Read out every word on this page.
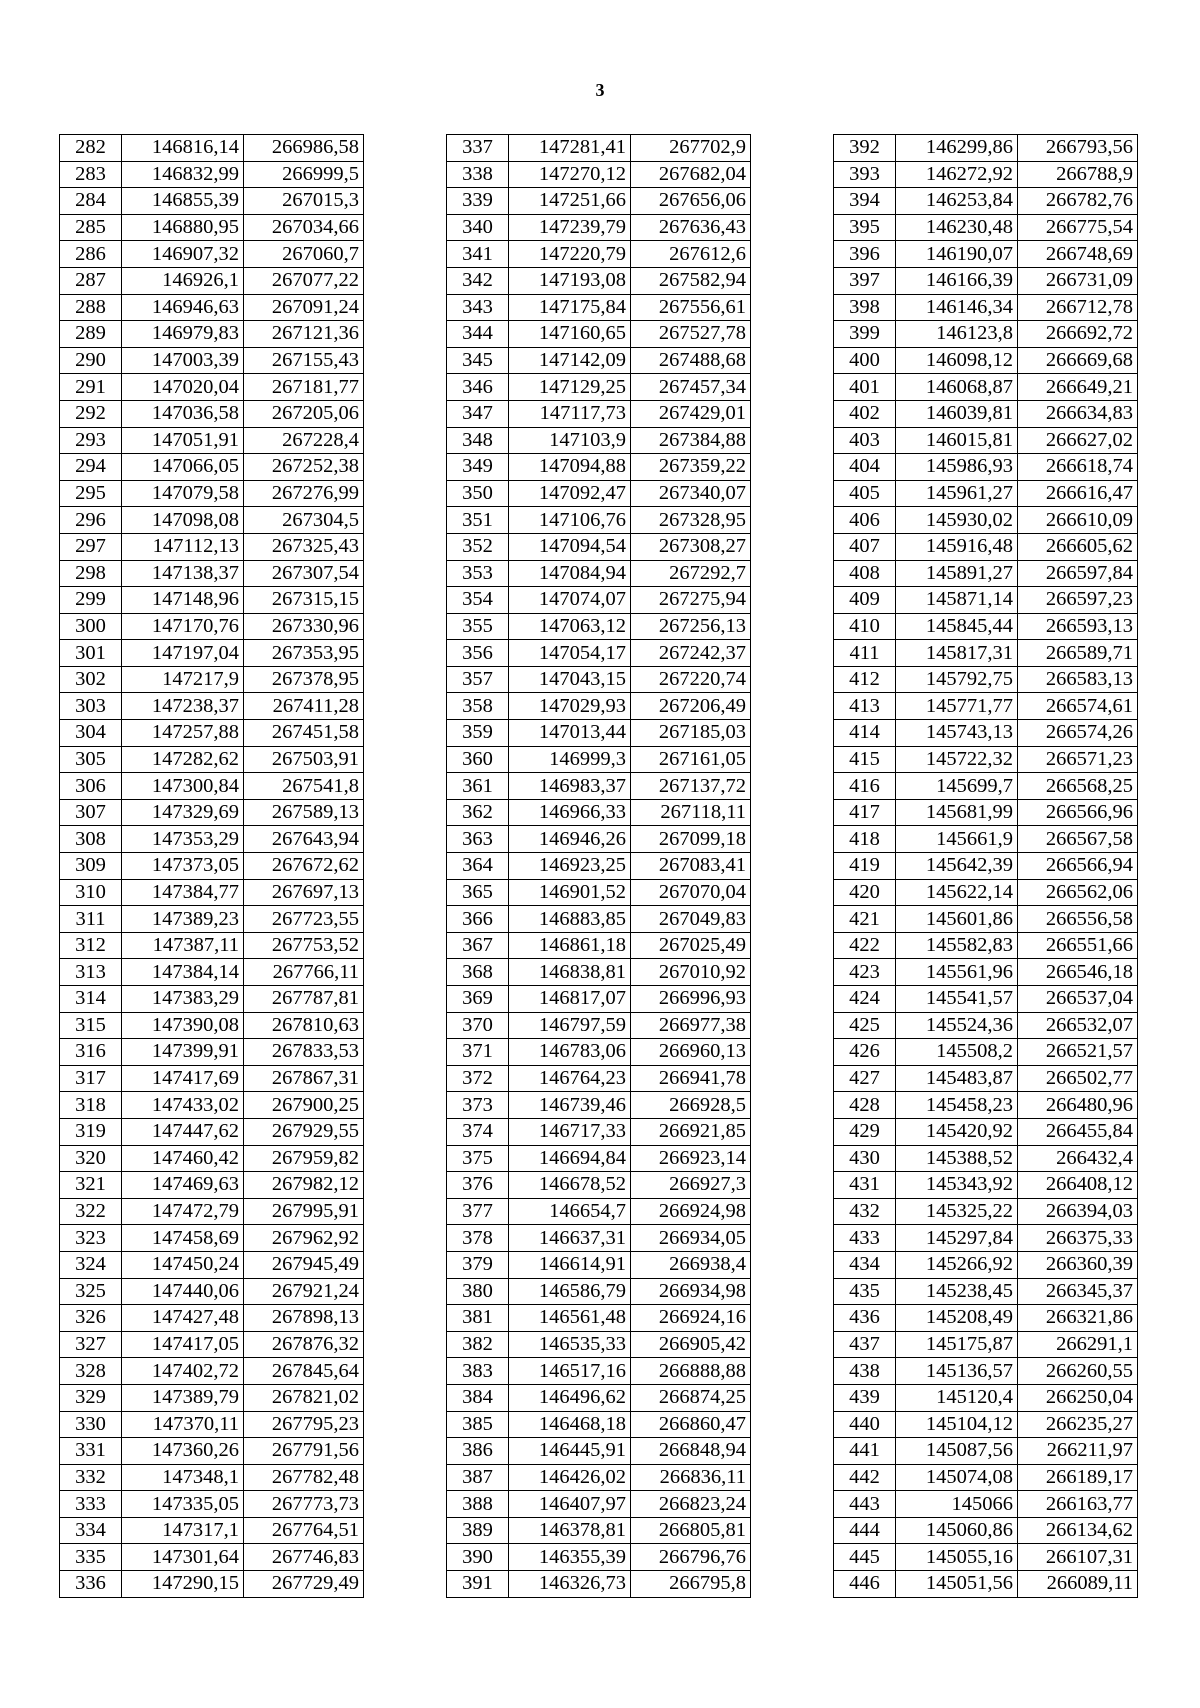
3
282	146816,14	266986,58
283	146832,99	266999,5
284	146855,39	267015,3
285	146880,95	267034,66
286	146907,32	267060,7
287	146926,1	267077,22
288	146946,63	267091,24
289	146979,83	267121,36
290	147003,39	267155,43
291	147020,04	267181,77
292	147036,58	267205,06
293	147051,91	267228,4
294	147066,05	267252,38
295	147079,58	267276,99
296	147098,08	267304,5
297	147112,13	267325,43
298	147138,37	267307,54
299	147148,96	267315,15
300	147170,76	267330,96
301	147197,04	267353,95
302	147217,9	267378,95
303	147238,37	267411,28
304	147257,88	267451,58
305	147282,62	267503,91
306	147300,84	267541,8
307	147329,69	267589,13
308	147353,29	267643,94
309	147373,05	267672,62
310	147384,77	267697,13
311	147389,23	267723,55
312	147387,11	267753,52
313	147384,14	267766,11
314	147383,29	267787,81
315	147390,08	267810,63
316	147399,91	267833,53
317	147417,69	267867,31
318	147433,02	267900,25
319	147447,62	267929,55
320	147460,42	267959,82
321	147469,63	267982,12
322	147472,79	267995,91
323	147458,69	267962,92
324	147450,24	267945,49
325	147440,06	267921,24
326	147427,48	267898,13
327	147417,05	267876,32
328	147402,72	267845,64
329	147389,79	267821,02
330	147370,11	267795,23
331	147360,26	267791,56
332	147348,1	267782,48
333	147335,05	267773,73
334	147317,1	267764,51
335	147301,64	267746,83
336	147290,15	267729,49
337	147281,41	267702,9
338	147270,12	267682,04
339	147251,66	267656,06
340	147239,79	267636,43
341	147220,79	267612,6
342	147193,08	267582,94
343	147175,84	267556,61
344	147160,65	267527,78
345	147142,09	267488,68
346	147129,25	267457,34
347	147117,73	267429,01
348	147103,9	267384,88
349	147094,88	267359,22
350	147092,47	267340,07
351	147106,76	267328,95
352	147094,54	267308,27
353	147084,94	267292,7
354	147074,07	267275,94
355	147063,12	267256,13
356	147054,17	267242,37
357	147043,15	267220,74
358	147029,93	267206,49
359	147013,44	267185,03
360	146999,3	267161,05
361	146983,37	267137,72
362	146966,33	267118,11
363	146946,26	267099,18
364	146923,25	267083,41
365	146901,52	267070,04
366	146883,85	267049,83
367	146861,18	267025,49
368	146838,81	267010,92
369	146817,07	266996,93
370	146797,59	266977,38
371	146783,06	266960,13
372	146764,23	266941,78
373	146739,46	266928,5
374	146717,33	266921,85
375	146694,84	266923,14
376	146678,52	266927,3
377	146654,7	266924,98
378	146637,31	266934,05
379	146614,91	266938,4
380	146586,79	266934,98
381	146561,48	266924,16
382	146535,33	266905,42
383	146517,16	266888,88
384	146496,62	266874,25
385	146468,18	266860,47
386	146445,91	266848,94
387	146426,02	266836,11
388	146407,97	266823,24
389	146378,81	266805,81
390	146355,39	266796,76
391	146326,73	266795,8
392	146299,86	266793,56
393	146272,92	266788,9
394	146253,84	266782,76
395	146230,48	266775,54
396	146190,07	266748,69
397	146166,39	266731,09
398	146146,34	266712,78
399	146123,8	266692,72
400	146098,12	266669,68
401	146068,87	266649,21
402	146039,81	266634,83
403	146015,81	266627,02
404	145986,93	266618,74
405	145961,27	266616,47
406	145930,02	266610,09
407	145916,48	266605,62
408	145891,27	266597,84
409	145871,14	266597,23
410	145845,44	266593,13
411	145817,31	266589,71
412	145792,75	266583,13
413	145771,77	266574,61
414	145743,13	266574,26
415	145722,32	266571,23
416	145699,7	266568,25
417	145681,99	266566,96
418	145661,9	266567,58
419	145642,39	266566,94
420	145622,14	266562,06
421	145601,86	266556,58
422	145582,83	266551,66
423	145561,96	266546,18
424	145541,57	266537,04
425	145524,36	266532,07
426	145508,2	266521,57
427	145483,87	266502,77
428	145458,23	266480,96
429	145420,92	266455,84
430	145388,52	266432,4
431	145343,92	266408,12
432	145325,22	266394,03
433	145297,84	266375,33
434	145266,92	266360,39
435	145238,45	266345,37
436	145208,49	266321,86
437	145175,87	266291,1
438	145136,57	266260,55
439	145120,4	266250,04
440	145104,12	266235,27
441	145087,56	266211,97
442	145074,08	266189,17
443	145066	266163,77
444	145060,86	266134,62
445	145055,16	266107,31
446	145051,56	266089,11
